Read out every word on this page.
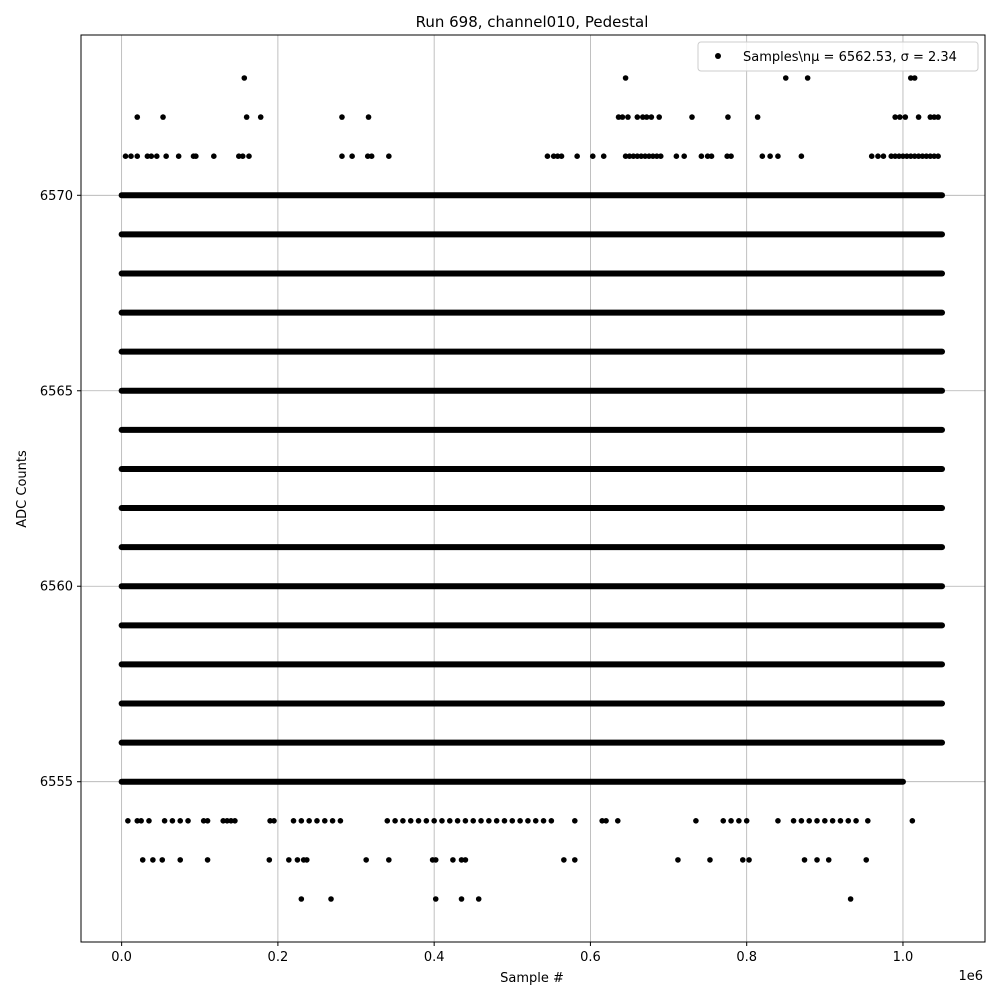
Run 698, channel010, Pedestal
0.0	0.2	0.4	0.6	0.8	1.0
6555
6560
6565
6570
Sample #
ADC Counts
1e6
Samples\nμ = 6562.53, σ = 2.34
